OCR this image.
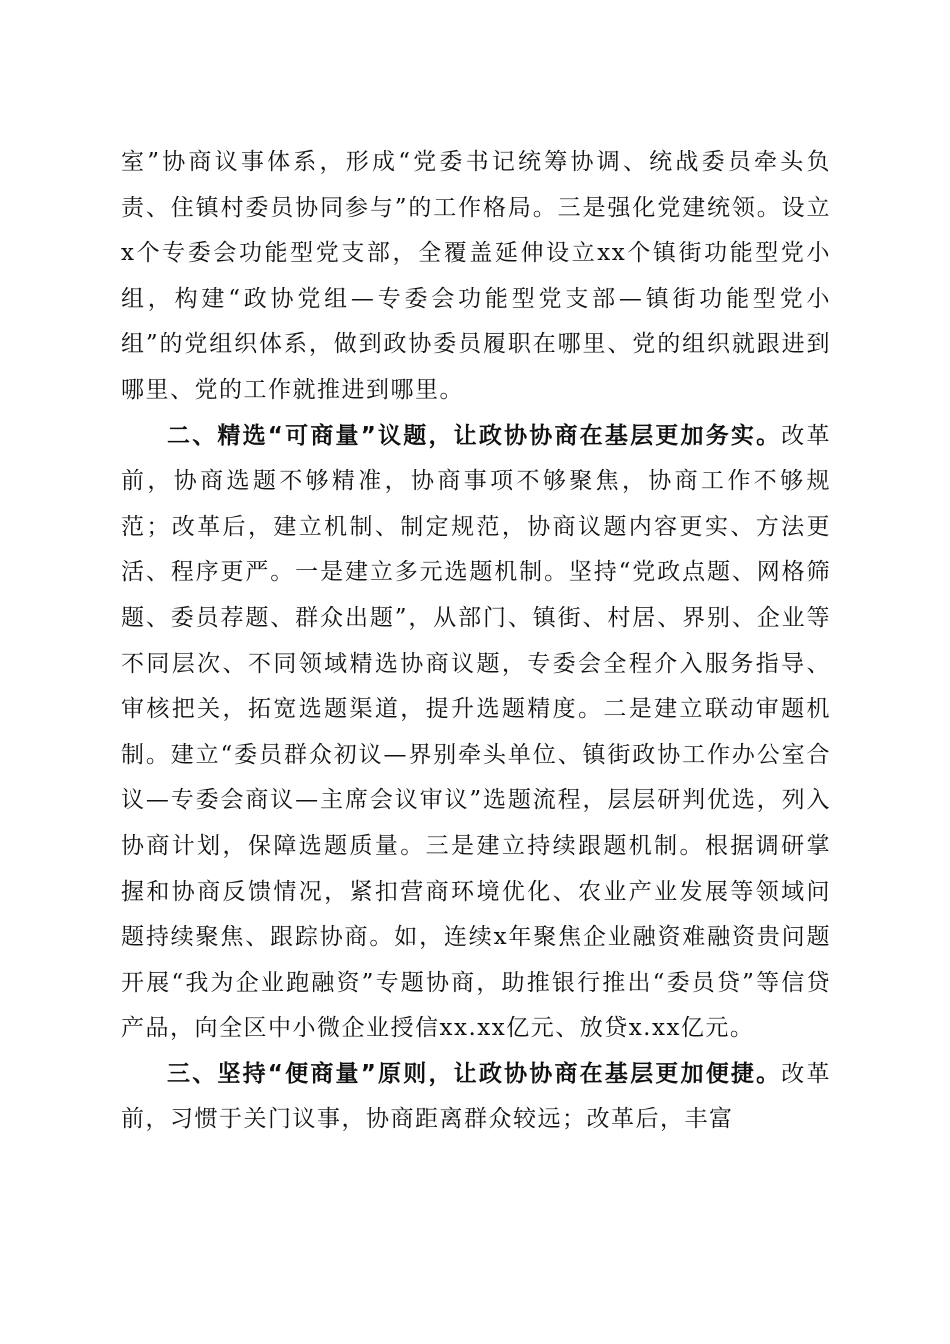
室”协商议事体系，形成“党委书记统筹协调、统战委员牵头负责、住镇村委员协同参与”的工作格局。三是强化党建统领。设立x个专委会功能型党支部，全覆盖延伸设立xx个镇街功能型党小组，构建“政协党组—专委会功能型党支部—镇街功能型党小组”的党组织体系，做到政协委员履职在哪里、党的组织就跟进到哪里、党的工作就推进到哪里。

二、精选“可商量”议题，让政协协商在基层更加务实。改革前，协商选题不够精准，协商事项不够聚焦，协商工作不够规范；改革后，建立机制、制定规范，协商议题内容更实、方法更活、程序更严。一是建立多元选题机制。坚持“党政点题、网格筛题、委员荐题、群众出题”，从部门、镇街、村居、界别、企业等不同层次、不同领域精选协商议题，专委会全程介入服务指导、审核把关，拓宽选题渠道，提升选题精度。二是建立联动审题机制。建立“委员群众初议—界别牵头单位、镇街政协工作办公室合议—专委会商议—主席会议审议”选题流程，层层研判优选，列入协商计划，保障选题质量。三是建立持续跟题机制。根据调研掌握和协商反馈情况，紧扣营商环境优化、农业产业发展等领域问题持续聚焦、跟踪协商。如，连续x年聚焦企业融资难融资贵问题开展“我为企业跑融资”专题协商，助推银行推出“委员贷”等信贷产品，向全区中小微企业授信xx.xx亿元、放贷x.xx亿元。

三、坚持“便商量”原则，让政协协商在基层更加便捷。改革前，习惯于关门议事，协商距离群众较远；改革后，丰富
